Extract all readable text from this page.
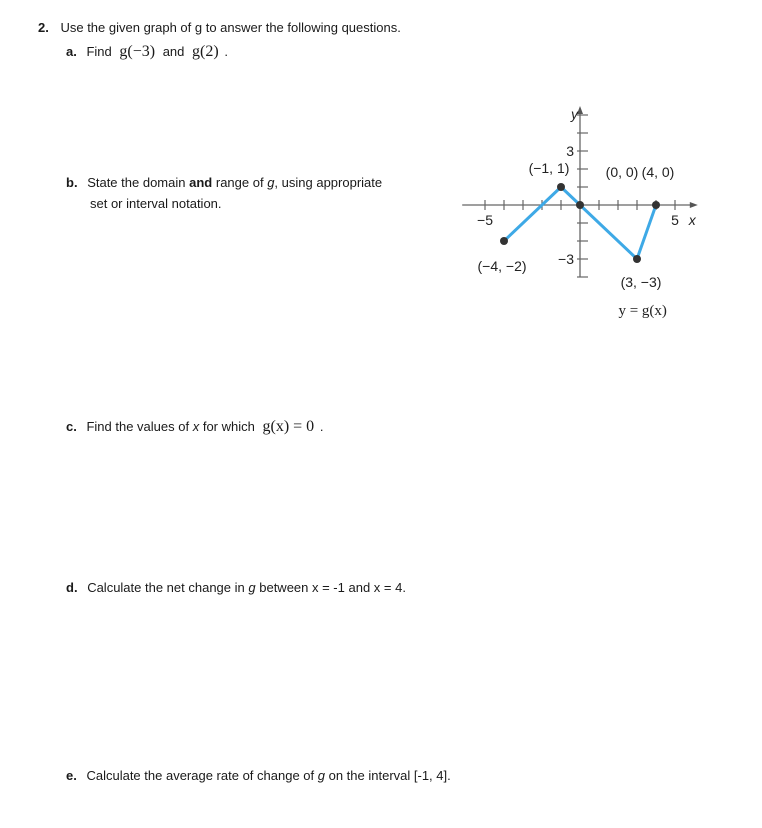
2. Use the given graph of g to answer the following questions.
a. Find g(−3) and g(2) .
b. State the domain and range of g, using appropriate
set or interval notation.
c. Find the values of x for which g(x) = 0 .
d. Calculate the net change in g between x = -1 and x = 4.
e. Calculate the average rate of change of g on the interval [-1, 4].
−5	5
3
−3
y
x
(−4, −2)
(−1, 1)	(0, 0)
(3, −3)
(4, 0)
y = g(x)
